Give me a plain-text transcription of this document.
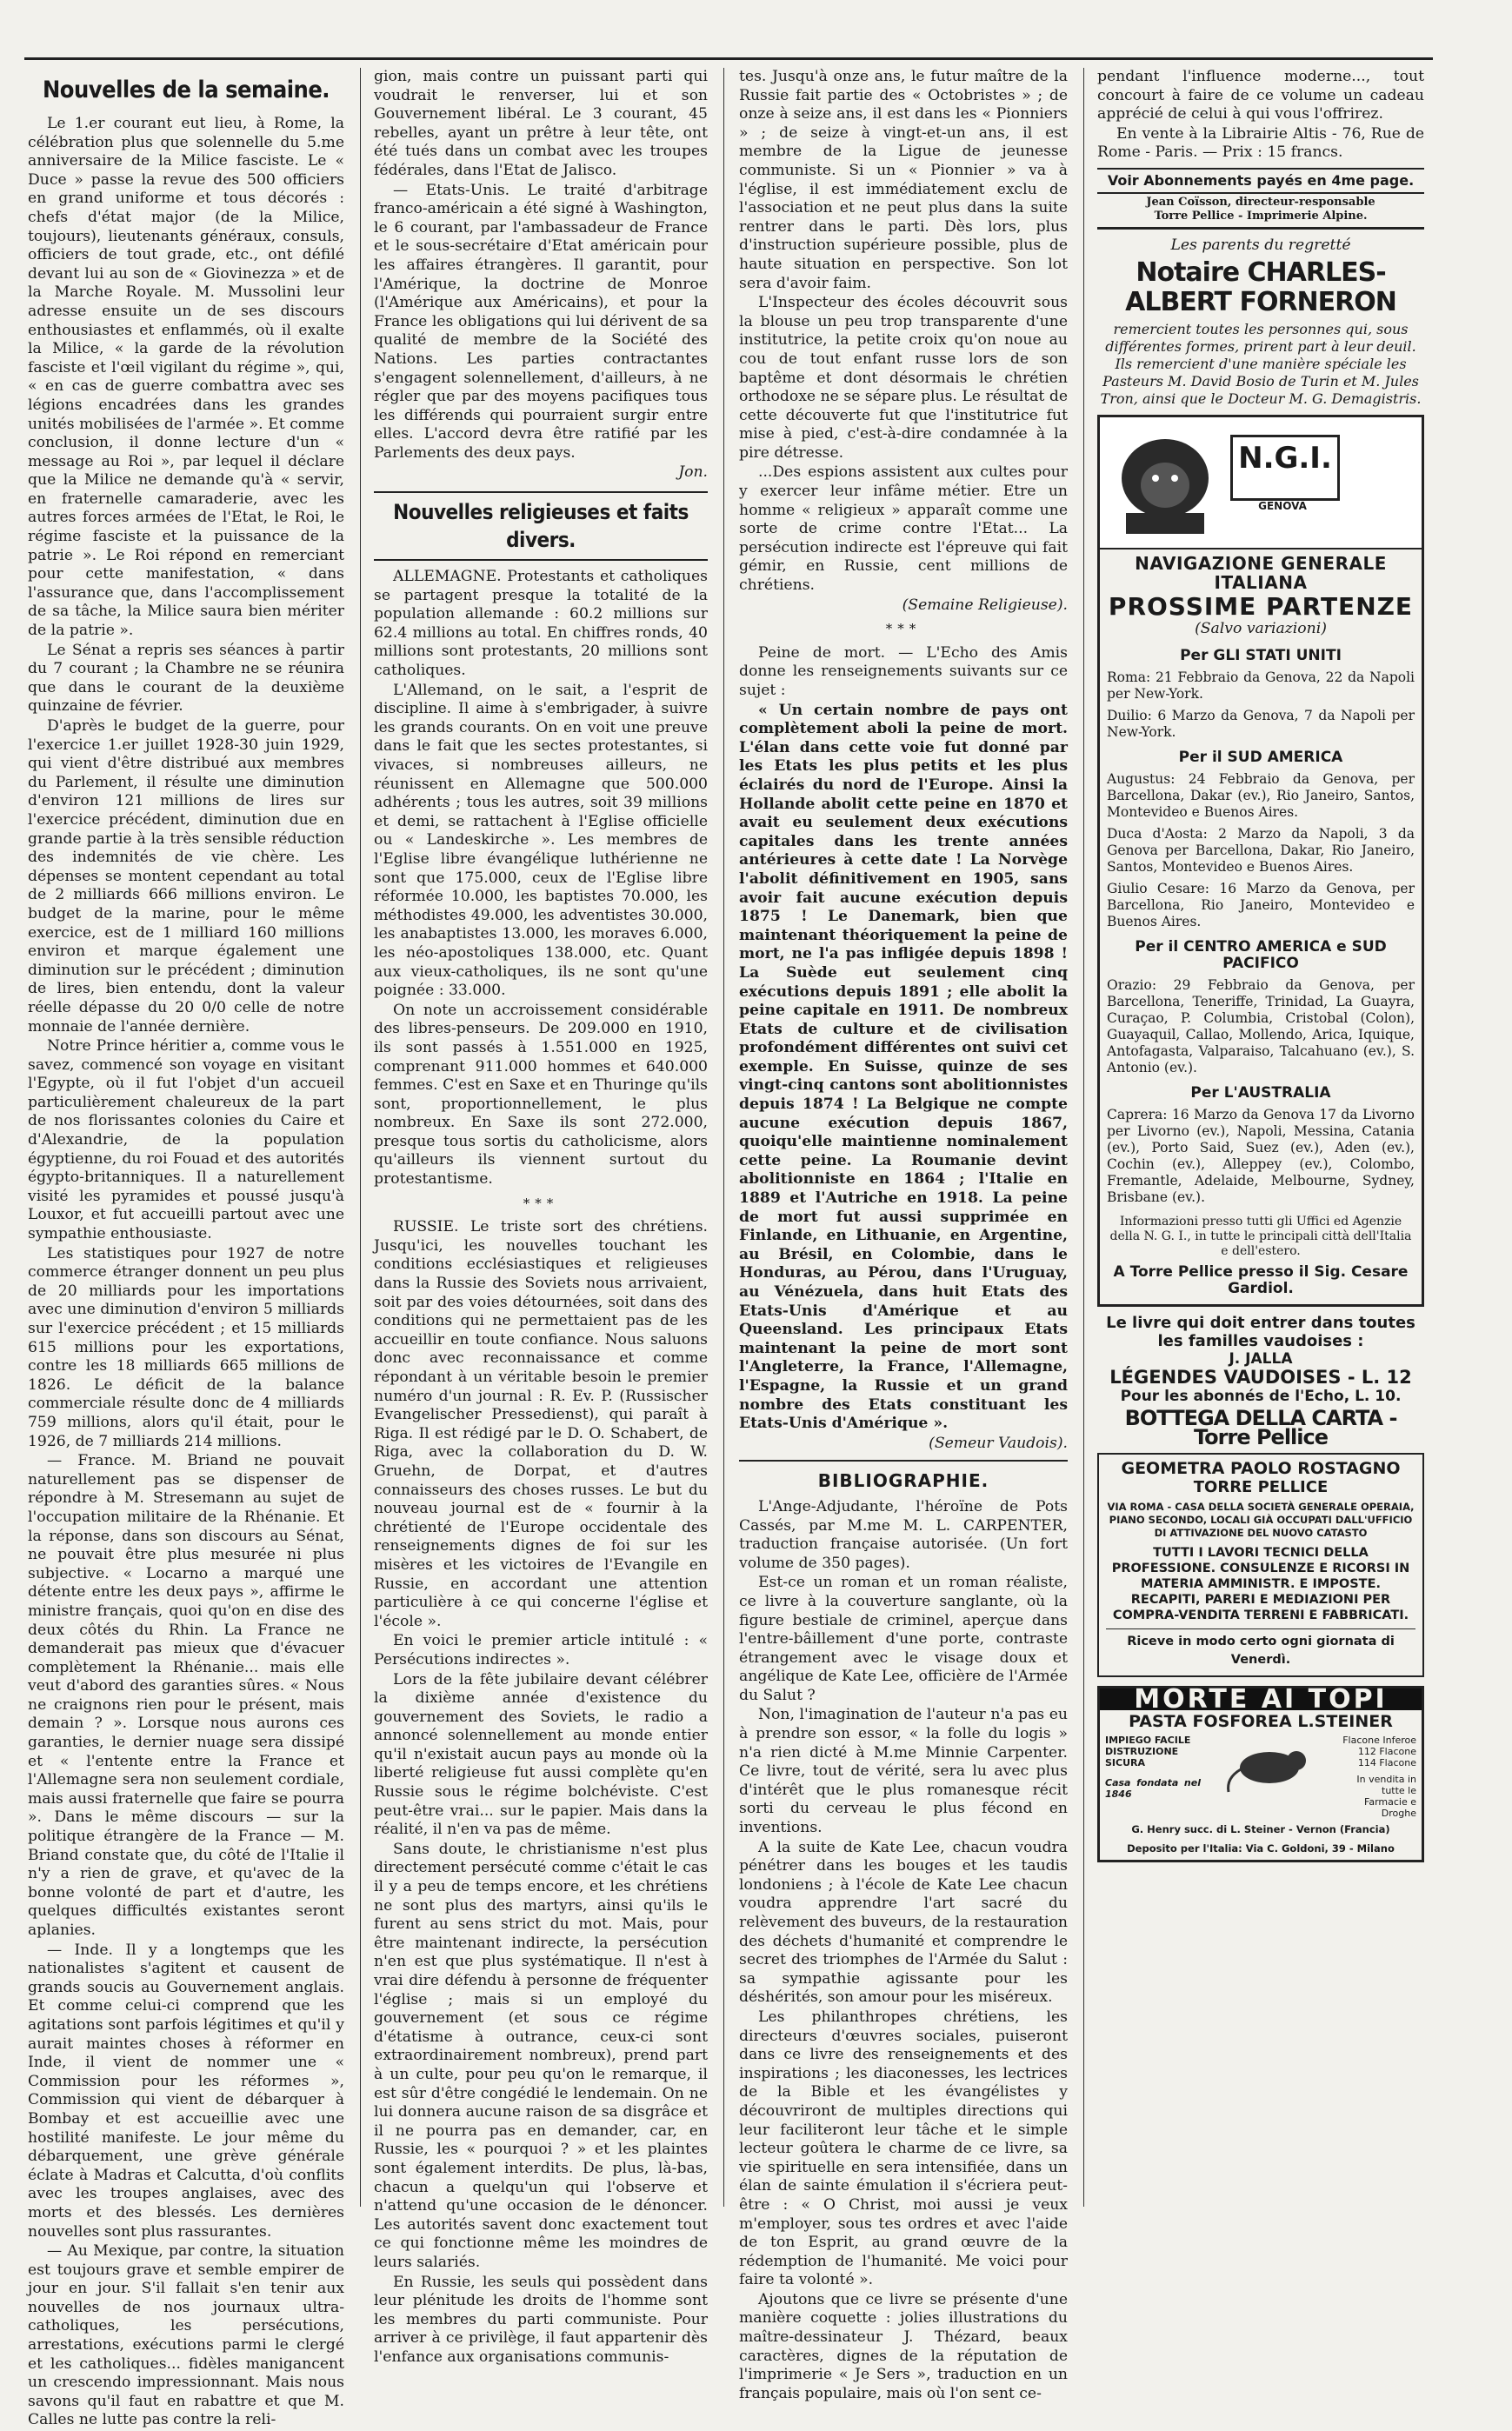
Nouvelles de la semaine.

Le 1.er courant eut lieu, à Rome, la célébration plus que solennelle du 5.me anniversaire de la Milice fasciste. Le « Duce » passe la revue des 500 officiers en grand uniforme et tous décorés : chefs d'état major (de la Milice, toujours), lieutenants généraux, consuls, officiers de tout grade, etc., ont défilé devant lui au son de « Giovinezza » et de la Marche Royale. M. Mussolini leur adresse ensuite un de ses discours enthousiastes et enflammés, où il exalte la Milice, « la garde de la révolution fasciste et l'œil vigilant du régime », qui, « en cas de guerre combattra avec ses légions encadrées dans les grandes unités mobilisées de l'armée ». Et comme conclusion, il donne lecture d'un « message au Roi », par lequel il déclare que la Milice ne demande qu'à « servir, en fraternelle camaraderie, avec les autres forces armées de l'Etat, le Roi, le régime fasciste et la puissance de la patrie ». Le Roi répond en remerciant pour cette manifestation, « dans l'assurance que, dans l'accomplissement de sa tâche, la Milice saura bien mériter de la patrie ».

Le Sénat a repris ses séances à partir du 7 courant ; la Chambre ne se réunira que dans le courant de la deuxième quinzaine de février.

D'après le budget de la guerre, pour l'exercice 1.er juillet 1928-30 juin 1929, qui vient d'être distribué aux membres du Parlement, il résulte une diminution d'environ 121 millions de lires sur l'exercice précédent, diminution due en grande partie à la très sensible réduction des indemnités de vie chère. Les dépenses se montent cependant au total de 2 milliards 666 millions environ. Le budget de la marine, pour le même exercice, est de 1 milliard 160 millions environ et marque également une diminution sur le précédent ; diminution de lires, bien entendu, dont la valeur réelle dépasse du 20 0/0 celle de notre monnaie de l'année dernière.

Notre Prince héritier a, comme vous le savez, commencé son voyage en visitant l'Egypte, où il fut l'objet d'un accueil particulièrement chaleureux de la part de nos florissantes colonies du Caire et d'Alexandrie, de la population égyptienne, du roi Fouad et des autorités égypto-britanniques. Il a naturellement visité les pyramides et poussé jusqu'à Louxor, et fut accueilli partout avec une sympathie enthousiaste.

Les statistiques pour 1927 de notre commerce étranger donnent un peu plus de 20 milliards pour les importations avec une diminution d'environ 5 milliards sur l'exercice précédent ; et 15 milliards 615 millions pour les exportations, contre les 18 milliards 665 millions de 1826. Le déficit de la balance commerciale résulte donc de 4 milliards 759 millions, alors qu'il était, pour le 1926, de 7 milliards 214 millions.

— France. M. Briand ne pouvait naturellement pas se dispenser de répondre à M. Stresemann au sujet de l'occupation militaire de la Rhénanie. Et la réponse, dans son discours au Sénat, ne pouvait être plus mesurée ni plus subjective. « Locarno a marqué une détente entre les deux pays », affirme le ministre français, quoi qu'on en dise des deux côtés du Rhin. La France ne demanderait pas mieux que d'évacuer complètement la Rhénanie... mais elle veut d'abord des garanties sûres. « Nous ne craignons rien pour le présent, mais demain ? ». Lorsque nous aurons ces garanties, le dernier nuage sera dissipé et « l'entente entre la France et l'Allemagne sera non seulement cordiale, mais aussi fraternelle que faire se pourra ». Dans le même discours — sur la politique étrangère de la France — M. Briand constate que, du côté de l'Italie il n'y a rien de grave, et qu'avec de la bonne volonté de part et d'autre, les quelques difficultés existantes seront aplanies.

— Inde. Il y a longtemps que les nationalistes s'agitent et causent de grands soucis au Gouvernement anglais. Et comme celui-ci comprend que les agitations sont parfois légitimes et qu'il y aurait maintes choses à réformer en Inde, il vient de nommer une « Commission pour les réformes », Commission qui vient de débarquer à Bombay et est accueillie avec une hostilité manifeste. Le jour même du débarquement, une grève générale éclate à Madras et Calcutta, d'où conflits avec les troupes anglaises, avec des morts et des blessés. Les dernières nouvelles sont plus rassurantes.

— Au Mexique, par contre, la situation est toujours grave et semble empirer de jour en jour. S'il fallait s'en tenir aux nouvelles de nos journaux ultra-catholiques, les persécutions, arrestations, exécutions parmi le clergé et les catholiques... fidèles manigancent un crescendo impressionnant. Mais nous savons qu'il faut en rabattre et que M. Calles ne lutte pas contre la reli-

gion, mais contre un puissant parti qui voudrait le renverser, lui et son Gouvernement libéral. Le 3 courant, 45 rebelles, ayant un prêtre à leur tête, ont été tués dans un combat avec les troupes fédérales, dans l'Etat de Jalisco.

— Etats-Unis. Le traité d'arbitrage franco-américain a été signé à Washington, le 6 courant, par l'ambassadeur de France et le sous-secrétaire d'Etat américain pour les affaires étrangères. Il garantit, pour l'Amérique, la doctrine de Monroe (l'Amérique aux Américains), et pour la France les obligations qui lui dérivent de sa qualité de membre de la Société des Nations. Les parties contractantes s'engagent solennellement, d'ailleurs, à ne régler que par des moyens pacifiques tous les différends qui pourraient surgir entre elles. L'accord devra être ratifié par les Parlements des deux pays.

Jon.
Nouvelles religieuses et faits divers.

ALLEMAGNE. Protestants et catholiques se partagent presque la totalité de la population allemande : 60.2 millions sur 62.4 millions au total. En chiffres ronds, 40 millions sont protestants, 20 millions sont catholiques.

L'Allemand, on le sait, a l'esprit de discipline. Il aime à s'embrigader, à suivre les grands courants. On en voit une preuve dans le fait que les sectes protestantes, si vivaces, si nombreuses ailleurs, ne réunissent en Allemagne que 500.000 adhérents ; tous les autres, soit 39 millions et demi, se rattachent à l'Eglise officielle ou « Landeskirche ». Les membres de l'Eglise libre évangélique luthérienne ne sont que 175.000, ceux de l'Eglise libre réformée 10.000, les baptistes 70.000, les méthodistes 49.000, les adventistes 30.000, les anabaptistes 13.000, les moraves 6.000, les néo-apostoliques 138.000, etc. Quant aux vieux-catholiques, ils ne sont qu'une poignée : 33.000.

On note un accroissement considérable des libres-penseurs. De 209.000 en 1910, ils sont passés à 1.551.000 en 1925, comprenant 911.000 hommes et 640.000 femmes. C'est en Saxe et en Thuringe qu'ils sont, proportionnellement, le plus nombreux. En Saxe ils sont 272.000, presque tous sortis du catholicisme, alors qu'ailleurs ils viennent surtout du protestantisme.

***

RUSSIE. Le triste sort des chrétiens. Jusqu'ici, les nouvelles touchant les conditions ecclésiastiques et religieuses dans la Russie des Soviets nous arrivaient, soit par des voies détournées, soit dans des conditions qui ne permettaient pas de les accueillir en toute confiance. Nous saluons donc avec reconnaissance et comme répondant à un véritable besoin le premier numéro d'un journal : R. Ev. P. (Russischer Evangelischer Pressedienst), qui paraît à Riga. Il est rédigé par le D. O. Schabert, de Riga, avec la collaboration du D. W. Gruehn, de Dorpat, et d'autres connaisseurs des choses russes. Le but du nouveau journal est de « fournir à la chrétienté de l'Europe occidentale des renseignements dignes de foi sur les misères et les victoires de l'Evangile en Russie, en accordant une attention particulière à ce qui concerne l'église et l'école ».

En voici le premier article intitulé : « Persécutions indirectes ».

Lors de la fête jubilaire devant célébrer la dixième année d'existence du gouvernement des Soviets, le radio a annoncé solennellement au monde entier qu'il n'existait aucun pays au monde où la liberté religieuse fut aussi complète qu'en Russie sous le régime bolchéviste. C'est peut-être vrai... sur le papier. Mais dans la réalité, il n'en va pas de même.

Sans doute, le christianisme n'est plus directement persécuté comme c'était le cas il y a peu de temps encore, et les chrétiens ne sont plus des martyrs, ainsi qu'ils le furent au sens strict du mot. Mais, pour être maintenant indirecte, la persécution n'en est que plus systématique. Il n'est à vrai dire défendu à personne de fréquenter l'église ; mais si un employé du gouvernement (et sous ce régime d'étatisme à outrance, ceux-ci sont extraordinairement nombreux), prend part à un culte, pour peu qu'on le remarque, il est sûr d'être congédié le lendemain. On ne lui donnera aucune raison de sa disgrâce et il ne pourra pas en demander, car, en Russie, les « pourquoi ? » et les plaintes sont également interdits. De plus, là-bas, chacun a quelqu'un qui l'observe et n'attend qu'une occasion de le dénoncer. Les autorités savent donc exactement tout ce qui fonctionne même les moindres de leurs salariés.

En Russie, les seuls qui possèdent dans leur plénitude les droits de l'homme sont les membres du parti communiste. Pour arriver à ce privilège, il faut appartenir dès l'enfance aux organisations communis-

tes. Jusqu'à onze ans, le futur maître de la Russie fait partie des « Octobristes » ; de onze à seize ans, il est dans les « Pionniers » ; de seize à vingt-et-un ans, il est membre de la Ligue de jeunesse communiste. Si un « Pionnier » va à l'église, il est immédiatement exclu de l'association et ne peut plus dans la suite rentrer dans le parti. Dès lors, plus d'instruction supérieure possible, plus de haute situation en perspective. Son lot sera d'avoir faim.

L'Inspecteur des écoles découvrit sous la blouse un peu trop transparente d'une institutrice, la petite croix qu'on noue au cou de tout enfant russe lors de son baptême et dont désormais le chrétien orthodoxe ne se sépare plus. Le résultat de cette découverte fut que l'institutrice fut mise à pied, c'est-à-dire condamnée à la pire détresse.

...Des espions assistent aux cultes pour y exercer leur infâme métier. Etre un homme « religieux » apparaît comme une sorte de crime contre l'Etat... La persécution indirecte est l'épreuve qui fait gémir, en Russie, cent millions de chrétiens.

(Semaine Religieuse).
***

Peine de mort. — L'Echo des Amis donne les renseignements suivants sur ce sujet :

« Un certain nombre de pays ont complètement aboli la peine de mort. L'élan dans cette voie fut donné par les Etats les plus petits et les plus éclairés du nord de l'Europe. Ainsi la Hollande abolit cette peine en 1870 et avait eu seulement deux exécutions capitales dans les trente années antérieures à cette date ! La Norvège l'abolit définitivement en 1905, sans avoir fait aucune exécution depuis 1875 ! Le Danemark, bien que maintenant théoriquement la peine de mort, ne l'a pas infligée depuis 1898 ! La Suède eut seulement cinq exécutions depuis 1891 ; elle abolit la peine capitale en 1911. De nombreux Etats de culture et de civilisation profondément différentes ont suivi cet exemple. En Suisse, quinze de ses vingt-cinq cantons sont abolitionnistes depuis 1874 ! La Belgique ne compte aucune exécution depuis 1867, quoiqu'elle maintienne nominalement cette peine. La Roumanie devint abolitionniste en 1864 ; l'Italie en 1889 et l'Autriche en 1918. La peine de mort fut aussi supprimée en Finlande, en Lithuanie, en Argentine, au Brésil, en Colombie, dans le Honduras, au Pérou, dans l'Uruguay, au Vénézuela, dans huit Etats des Etats-Unis d'Amérique et au Queensland. Les principaux Etats maintenant la peine de mort sont l'Angleterre, la France, l'Allemagne, l'Espagne, la Russie et un grand nombre des Etats constituant les Etats-Unis d'Amérique ».

(Semeur Vaudois).
BIBLIOGRAPHIE.

L'Ange-Adjudante, l'héroïne de Pots Cassés, par M.me M. L. CARPENTER, traduction française autorisée. (Un fort volume de 350 pages).

Est-ce un roman et un roman réaliste, ce livre à la couverture sanglante, où la figure bestiale de criminel, aperçue dans l'entre-bâillement d'une porte, contraste étrangement avec le visage doux et angélique de Kate Lee, officière de l'Armée du Salut ?

Non, l'imagination de l'auteur n'a pas eu à prendre son essor, « la folle du logis » n'a rien dicté à M.me Minnie Carpenter. Ce livre, tout de vérité, sera lu avec plus d'intérêt que le plus romanesque récit sorti du cerveau le plus fécond en inventions.

A la suite de Kate Lee, chacun voudra pénétrer dans les bouges et les taudis londoniens ; à l'école de Kate Lee chacun voudra apprendre l'art sacré du relèvement des buveurs, de la restauration des déchets d'humanité et comprendre le secret des triomphes de l'Armée du Salut : sa sympathie agissante pour les déshérités, son amour pour les miséreux.

Les philanthropes chrétiens, les directeurs d'œuvres sociales, puiseront dans ce livre des renseignements et des inspirations ; les diaconesses, les lectrices de la Bible et les évangélistes y découvriront de multiples directions qui leur faciliteront leur tâche et le simple lecteur goûtera le charme de ce livre, sa vie spirituelle en sera intensifiée, dans un élan de sainte émulation il s'écriera peut-être : « O Christ, moi aussi je veux m'employer, sous tes ordres et avec l'aide de ton Esprit, au grand œuvre de la rédemption de l'humanité. Me voici pour faire ta volonté ».

Ajoutons que ce livre se présente d'une manière coquette : jolies illustrations du maître-dessinateur J. Thézard, beaux caractères, dignes de la réputation de l'imprimerie « Je Sers », traduction en un français populaire, mais où l'on sent ce-

pendant l'influence moderne..., tout concourt à faire de ce volume un cadeau apprécié de celui à qui vous l'offrirez.

En vente à la Librairie Altis - 76, Rue de Rome - Paris. — Prix : 15 francs.

Voir Abonnements payés en 4me page.
Jean Coïsson, directeur-responsable
Torre Pellice - Imprimerie Alpine.
Les parents du regretté
Notaire CHARLES-ALBERT FORNERON
remercient toutes les personnes qui, sous différentes formes, prirent part à leur deuil. Ils remercient d'une manière spéciale les Pasteurs M. David Bosio de Turin et M. Jules Tron, ainsi que le Docteur M. G. Demagistris.
N.G.I.
GENOVA
NAVIGAZIONE GENERALE ITALIANA
PROSSIME PARTENZE
(Salvo variazioni)
Per GLI STATI UNITI

Roma: 21 Febbraio da Genova, 22 da Napoli per New-York.

Duilio: 6 Marzo da Genova, 7 da Napoli per New-York.

Per il SUD AMERICA

Augustus: 24 Febbraio da Genova, per Barcellona, Dakar (ev.), Rio Janeiro, Santos, Montevideo e Buenos Aires.

Duca d'Aosta: 2 Marzo da Napoli, 3 da Genova per Barcellona, Dakar, Rio Janeiro, Santos, Montevideo e Buenos Aires.

Giulio Cesare: 16 Marzo da Genova, per Barcellona, Rio Janeiro, Montevideo e Buenos Aires.

Per il CENTRO AMERICA e SUD PACIFICO

Orazio: 29 Febbraio da Genova, per Barcellona, Teneriffe, Trinidad, La Guayra, Curaçao, P. Columbia, Cristobal (Colon), Guayaquil, Callao, Mollendo, Arica, Iquique, Antofagasta, Valparaiso, Talcahuano (ev.), S. Antonio (ev.).

Per L'AUSTRALIA

Caprera: 16 Marzo da Genova 17 da Livorno per Livorno (ev.), Napoli, Messina, Catania (ev.), Porto Said, Suez (ev.), Aden (ev.), Cochin (ev.), Alleppey (ev.), Colombo, Fremantle, Adelaide, Melbourne, Sydney, Brisbane (ev.).

Informazioni presso tutti gli Uffici ed Agenzie della N. G. I., in tutte le principali città dell'Italia e dell'estero.

A Torre Pellice presso il Sig. Cesare Gardiol.
Le livre qui doit entrer dans toutes les familles vaudoises :
J. JALLA
LÉGENDES VAUDOISES - L. 12
Pour les abonnés de l'Echo, L. 10.
BOTTEGA DELLA CARTA - Torre Pellice
GEOMETRA PAOLO ROSTAGNO
TORRE PELLICE
VIA ROMA - CASA DELLA SOCIETÀ GENERALE OPERAIA, PIANO SECONDO, LOCALI GIÀ OCCUPATI DALL'UFFICIO DI ATTIVAZIONE DEL NUOVO CATASTO
TUTTI I LAVORI TECNICI DELLA PROFESSIONE. CONSULENZE E RICORSI IN MATERIA AMMINISTR. E IMPOSTE. RECAPITI, PARERI E MEDIAZIONI PER COMPRA-VENDITA TERRENI E FABBRICATI.
Riceve in modo certo ogni giornata di Venerdì.
MORTE AI TOPI
PASTA FOSFOREA L.STEINER
IMPIEGO FACILE
DISTRUZIONE SICURA
Casa fondata nel 1846
Flacone Inferoe 112 Flacone 114 Flacone
In vendita in tutte le Farmacie e Droghe
G. Henry succ. di L. Steiner - Vernon (Francia)
Deposito per l'Italia: Via C. Goldoni, 39 - Milano
